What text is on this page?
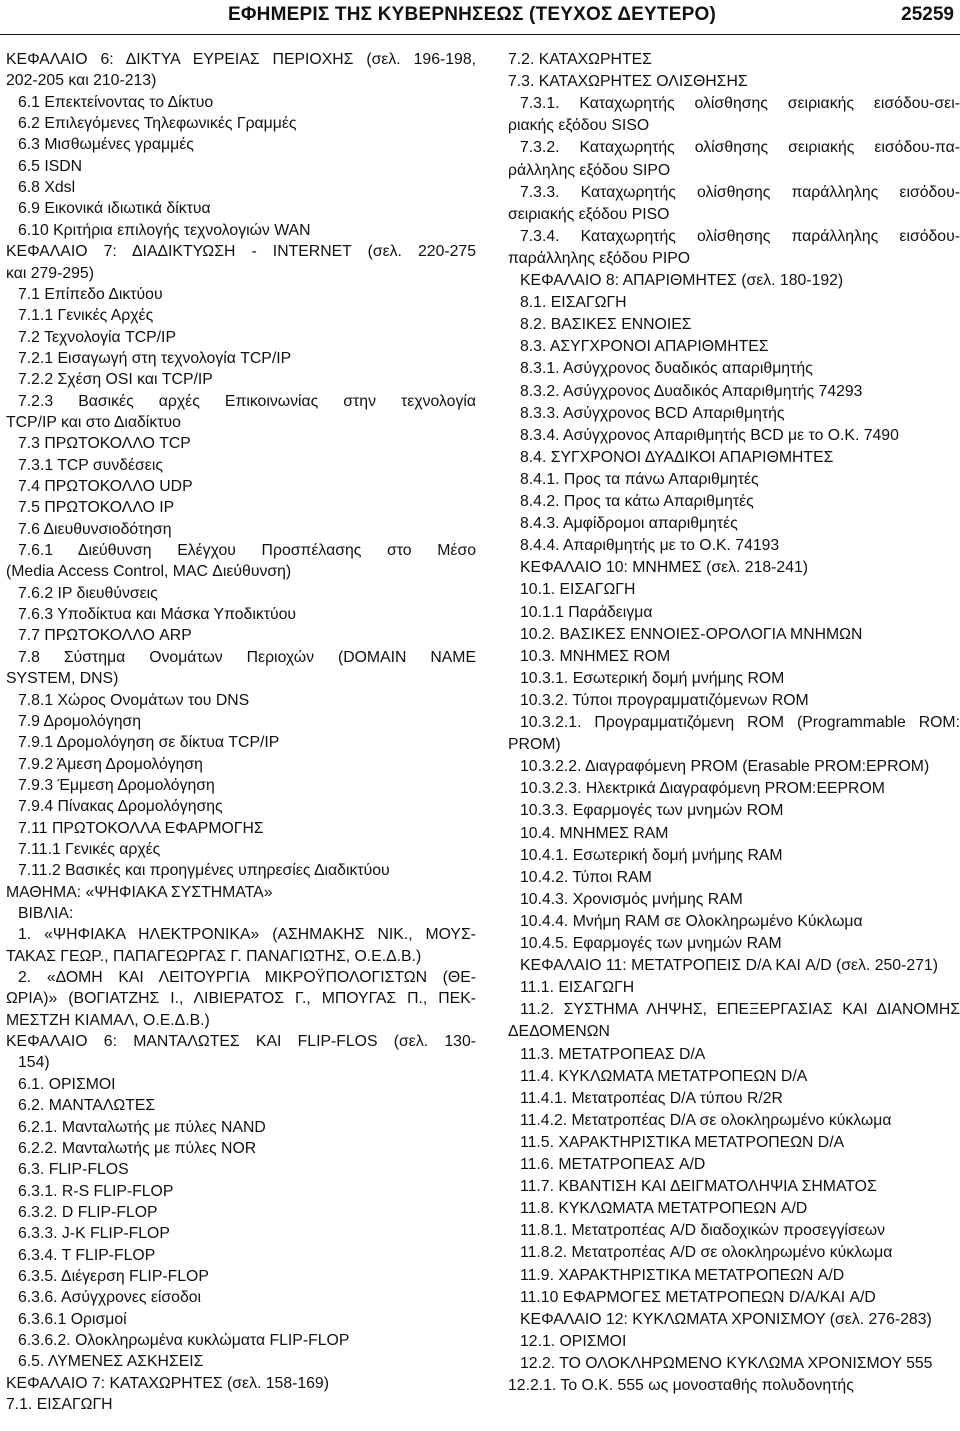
ΕΦΗΜΕΡΙΣ ΤΗΣ ΚΥΒΕΡΝΗΣΕΩΣ (ΤΕΥΧΟΣ ΔΕΥΤΕΡΟ)	25259
ΚΕΦΑΛΑΙΟ 6: ΔΙΚΤΥΑ ΕΥΡΕΙΑΣ ΠΕΡΙΟΧΗΣ (σελ. 196-198,
202-205 και 210-213)
6.1 Επεκτείνοντας το Δίκτυο
6.2 Επιλεγόμενες Τηλεφωνικές Γραμμές
6.3 Μισθωμένες γραμμές
6.5 ISDN
6.8 Xdsl
6.9 Εικονικά ιδιωτικά δίκτυα
6.10 Κριτήρια επιλογής τεχνολογιών WAN
ΚΕΦΑΛΑΙΟ 7: ΔΙΑΔΙΚΤΥΩΣΗ - INTERNET (σελ. 220-275
και 279-295)
7.1 Επίπεδο Δικτύου
7.1.1 Γενικές Αρχές
7.2 Τεχνολογία TCP/IP
7.2.1 Εισαγωγή στη τεχνολογία TCP/IP
7.2.2 Σχέση OSI και TCP/IP
7.2.3 Βασικές αρχές Επικοινωνίας στην τεχνολογία
TCP/IP και στο Διαδίκτυο
7.3 ΠΡΩΤΟΚΟΛΛΟ TCP
7.3.1 TCP συνδέσεις
7.4 ΠΡΩΤΟΚΟΛΛΟ UDP
7.5 ΠΡΩΤΟΚΟΛΛΟ IP
7.6 Διευθυνσιοδότηση
7.6.1 Διεύθυνση Ελέγχου Προσπέλασης στο Μέσο
(Media Access Control, MAC Διεύθυνση)
7.6.2 IP διευθύνσεις
7.6.3 Υποδίκτυα και Μάσκα Υποδικτύου
7.7 ΠΡΩΤΟΚΟΛΛΟ ARP
7.8 Σύστημα Ονομάτων Περιοχών (DOMAIN NAME
SYSTEM, DNS)
7.8.1 Χώρος Ονομάτων του DNS
7.9 Δρομολόγηση
7.9.1 Δρομολόγηση σε δίκτυα TCP/IP
7.9.2 Άμεση Δρομολόγηση
7.9.3 Έμμεση Δρομολόγηση
7.9.4 Πίνακας Δρομολόγησης
7.11 ΠΡΩΤΟΚΟΛΛΑ ΕΦΑΡΜΟΓΗΣ
7.11.1 Γενικές αρχές
7.11.2 Βασικές και προηγμένες υπηρεσίες Διαδικτύου
ΜΑΘΗΜΑ: «ΨΗΦΙΑΚΑ ΣΥΣΤΗΜΑΤΑ»
ΒΙΒΛΙΑ:
1. «ΨΗΦΙΑΚΑ ΗΛΕΚΤΡΟΝΙΚΑ» (ΑΣΗΜΑΚΗΣ ΝΙΚ., ΜΟΥΣ-
ΤΑΚΑΣ ΓΕΩΡ., ΠΑΠΑΓΕΩΡΓΑΣ Γ. ΠΑΝΑΓΙΩΤΗΣ, Ο.Ε.Δ.Β.)
2. «ΔΟΜΗ ΚΑΙ ΛΕΙΤΟΥΡΓΙΑ ΜΙΚΡΟΫΠΟΛΟΓΙΣΤΩΝ (ΘΕ-
ΩΡΙΑ)» (ΒΟΓΙΑΤΖΗΣ Ι., ΛΙΒΙΕΡΑΤΟΣ Γ., ΜΠΟΥΓΑΣ Π., ΠΕΚ-
ΜΕΣΤΖΗ ΚΙΑΜΑΛ, Ο.Ε.Δ.Β.)
ΚΕΦΑΛΑΙΟ 6: ΜΑΝΤΑΛΩΤΕΣ ΚΑΙ FLIP-FLOS (σελ. 130-
154)
6.1. ΟΡΙΣΜΟΙ
6.2. ΜΑΝΤΑΛΩΤΕΣ
6.2.1. Μανταλωτής με πύλες NAND
6.2.2. Μανταλωτής με πύλες NOR
6.3. FLIP-FLOS
6.3.1. R-S FLIP-FLOP
6.3.2. D FLIP-FLOP
6.3.3. J-K FLIP-FLOP
6.3.4. T FLIP-FLOP
6.3.5. Διέγερση FLIP-FLOP
6.3.6. Ασύγχρονες είσοδοι
6.3.6.1 Ορισμοί
6.3.6.2. Ολοκληρωμένα κυκλώματα FLIP-FLOP
6.5. ΛΥΜΕΝΕΣ ΑΣΚΗΣΕΙΣ
ΚΕΦΑΛΑΙΟ 7: ΚΑΤΑΧΩΡΗΤΕΣ (σελ. 158-169)
7.1. ΕΙΣΑΓΩΓΗ
7.2. ΚΑΤΑΧΩΡΗΤΕΣ
7.3. ΚΑΤΑΧΩΡΗΤΕΣ ΟΛΙΣΘΗΣΗΣ
7.3.1. Καταχωρητής ολίσθησης σειριακής εισόδου-σει-
ριακής εξόδου SISO
7.3.2. Καταχωρητής ολίσθησης σειριακής εισόδου-πα-
ράλληλης εξόδου SIPO
7.3.3. Καταχωρητής ολίσθησης παράλληλης εισόδου-
σειριακής εξόδου PISO
7.3.4. Καταχωρητής ολίσθησης παράλληλης εισόδου-
παράλληλης εξόδου PIPO
ΚΕΦΑΛΑΙΟ 8: ΑΠΑΡΙΘΜΗΤΕΣ (σελ. 180-192)
8.1. ΕΙΣΑΓΩΓΗ
8.2. ΒΑΣΙΚΕΣ ΕΝΝΟΙΕΣ
8.3. ΑΣΥΓΧΡΟΝΟΙ ΑΠΑΡΙΘΜΗΤΕΣ
8.3.1. Ασύγχρονος δυαδικός απαριθμητής
8.3.2. Ασύγχρονος Δυαδικός Απαριθμητής 74293
8.3.3. Ασύγχρονος BCD Απαριθμητής
8.3.4. Ασύγχρονος Απαριθμητής BCD με το Ο.Κ. 7490
8.4. ΣΥΓΧΡΟΝΟΙ ΔΥΑΔΙΚΟΙ ΑΠΑΡΙΘΜΗΤΕΣ
8.4.1. Προς τα πάνω Απαριθμητές
8.4.2. Προς τα κάτω Απαριθμητές
8.4.3. Αμφίδρομοι απαριθμητές
8.4.4. Απαριθμητής με το Ο.Κ. 74193
ΚΕΦΑΛΑΙΟ 10: ΜΝΗΜΕΣ (σελ. 218-241)
10.1. ΕΙΣΑΓΩΓΗ
10.1.1 Παράδειγμα
10.2. ΒΑΣΙΚΕΣ ΕΝΝΟΙΕΣ-ΟΡΟΛΟΓΙΑ ΜΝΗΜΩΝ
10.3. ΜΝΗΜΕΣ ROM
10.3.1. Εσωτερική δομή μνήμης ROM
10.3.2. Τύποι προγραμματιζόμενων ROM
10.3.2.1. Προγραμματιζόμενη ROM (Programmable ROM:
PROM)
10.3.2.2. Διαγραφόμενη PROM (Erasable PROM:EPROM)
10.3.2.3. Ηλεκτρικά Διαγραφόμενη PROM:EEPROM
10.3.3. Εφαρμογές των μνημών ROM
10.4. ΜΝΗΜΕΣ RAM
10.4.1. Εσωτερική δομή μνήμης RAM
10.4.2. Τύποι RAM
10.4.3. Χρονισμός μνήμης RAM
10.4.4. Μνήμη RAM σε Ολοκληρωμένο Κύκλωμα
10.4.5. Εφαρμογές των μνημών RAM
ΚΕΦΑΛΑΙΟ 11: ΜΕΤΑΤΡΟΠΕΙΣ D/A ΚΑΙ A/D (σελ. 250-271)
11.1. ΕΙΣΑΓΩΓΗ
11.2. ΣΥΣΤΗΜΑ ΛΗΨΗΣ, ΕΠΕΞΕΡΓΑΣΙΑΣ ΚΑΙ ΔΙΑΝΟΜΗΣ
ΔΕΔΟΜΕΝΩΝ
11.3. ΜΕΤΑΤΡΟΠΕΑΣ D/A
11.4. ΚΥΚΛΩΜΑΤΑ ΜΕΤΑΤΡΟΠΕΩΝ D/A
11.4.1. Μετατροπέας D/A τύπου R/2R
11.4.2. Μετατροπέας D/A σε ολοκληρωμένο κύκλωμα
11.5. ΧΑΡΑΚΤΗΡΙΣΤΙΚΑ ΜΕΤΑΤΡΟΠΕΩΝ D/A
11.6. ΜΕΤΑΤΡΟΠΕΑΣ A/D
11.7. ΚΒΑΝΤΙΣΗ ΚΑΙ ΔΕΙΓΜΑΤΟΛΗΨΙΑ ΣΗΜΑΤΟΣ
11.8. ΚΥΚΛΩΜΑΤΑ ΜΕΤΑΤΡΟΠΕΩΝ A/D
11.8.1. Μετατροπέας A/D διαδοχικών προσεγγίσεων
11.8.2. Μετατροπέας A/D σε ολοκληρωμένο κύκλωμα
11.9. ΧΑΡΑΚΤΗΡΙΣΤΙΚΑ ΜΕΤΑΤΡΟΠΕΩΝ A/D
11.10 ΕΦΑΡΜΟΓΕΣ ΜΕΤΑΤΡΟΠΕΩΝ D/A/ΚΑΙ A/D
ΚΕΦΑΛΑΙΟ 12: ΚΥΚΛΩΜΑΤΑ ΧΡΟΝΙΣΜΟΥ (σελ. 276-283)
12.1. ΟΡΙΣΜΟΙ
12.2. ΤΟ ΟΛΟΚΛΗΡΩΜΕΝΟ ΚΥΚΛΩΜΑ ΧΡΟΝΙΣΜΟΥ 555
12.2.1. Το Ο.Κ. 555 ως μονοσταθής πολυδονητής
